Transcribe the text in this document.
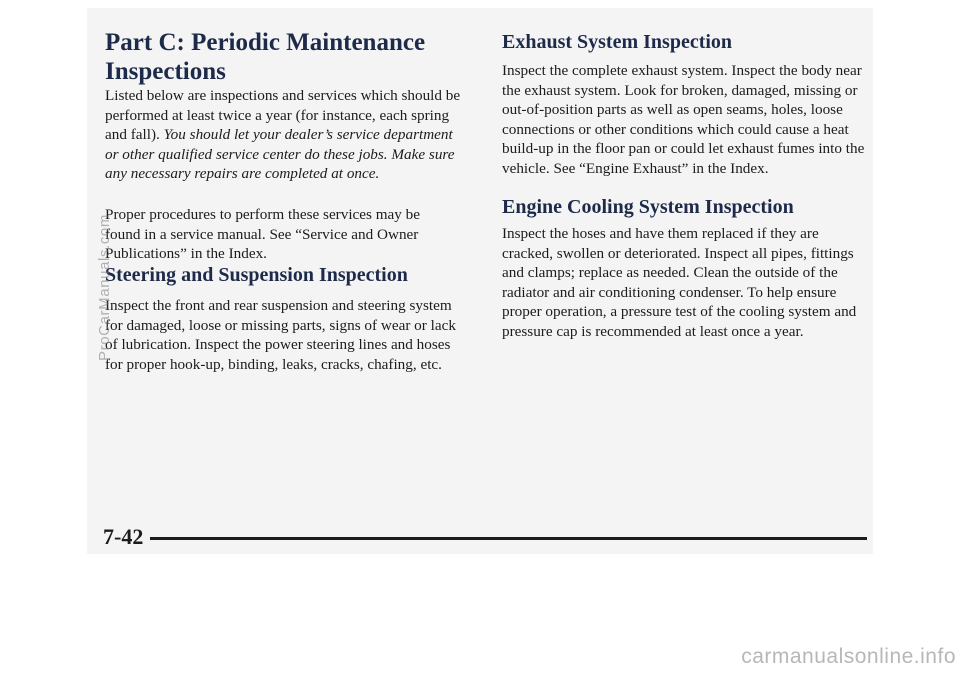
Part C: Periodic Maintenance Inspections

Listed below are inspections and services which should be performed at least twice a year (for instance, each spring and fall). You should let your dealer’s service department or other qualified service center do these jobs. Make sure any necessary repairs are completed at once.

Proper procedures to perform these services may be found in a service manual. See “Service and Owner Publications” in the Index.

Steering and Suspension Inspection

Inspect the front and rear suspension and steering system for damaged, loose or missing parts, signs of wear or lack of lubrication. Inspect the power steering lines and hoses for proper hook-up, binding, leaks, cracks, chafing, etc.

Exhaust System Inspection

Inspect the complete exhaust system. Inspect the body near the exhaust system. Look for broken, damaged, missing or out-of-position parts as well as open seams, holes, loose connections or other conditions which could cause a heat build-up in the floor pan or could let exhaust fumes into the vehicle. See “Engine Exhaust” in the Index.

Engine Cooling System Inspection

Inspect the hoses and have them replaced if they are cracked, swollen or deteriorated. Inspect all pipes, fittings and clamps; replace as needed. Clean the outside of the radiator and air conditioning condenser. To help ensure proper operation, a pressure test of the cooling system and pressure cap is recommended at least once a year.

7-42
ProCarManuals.com
carmanualsonline.info
